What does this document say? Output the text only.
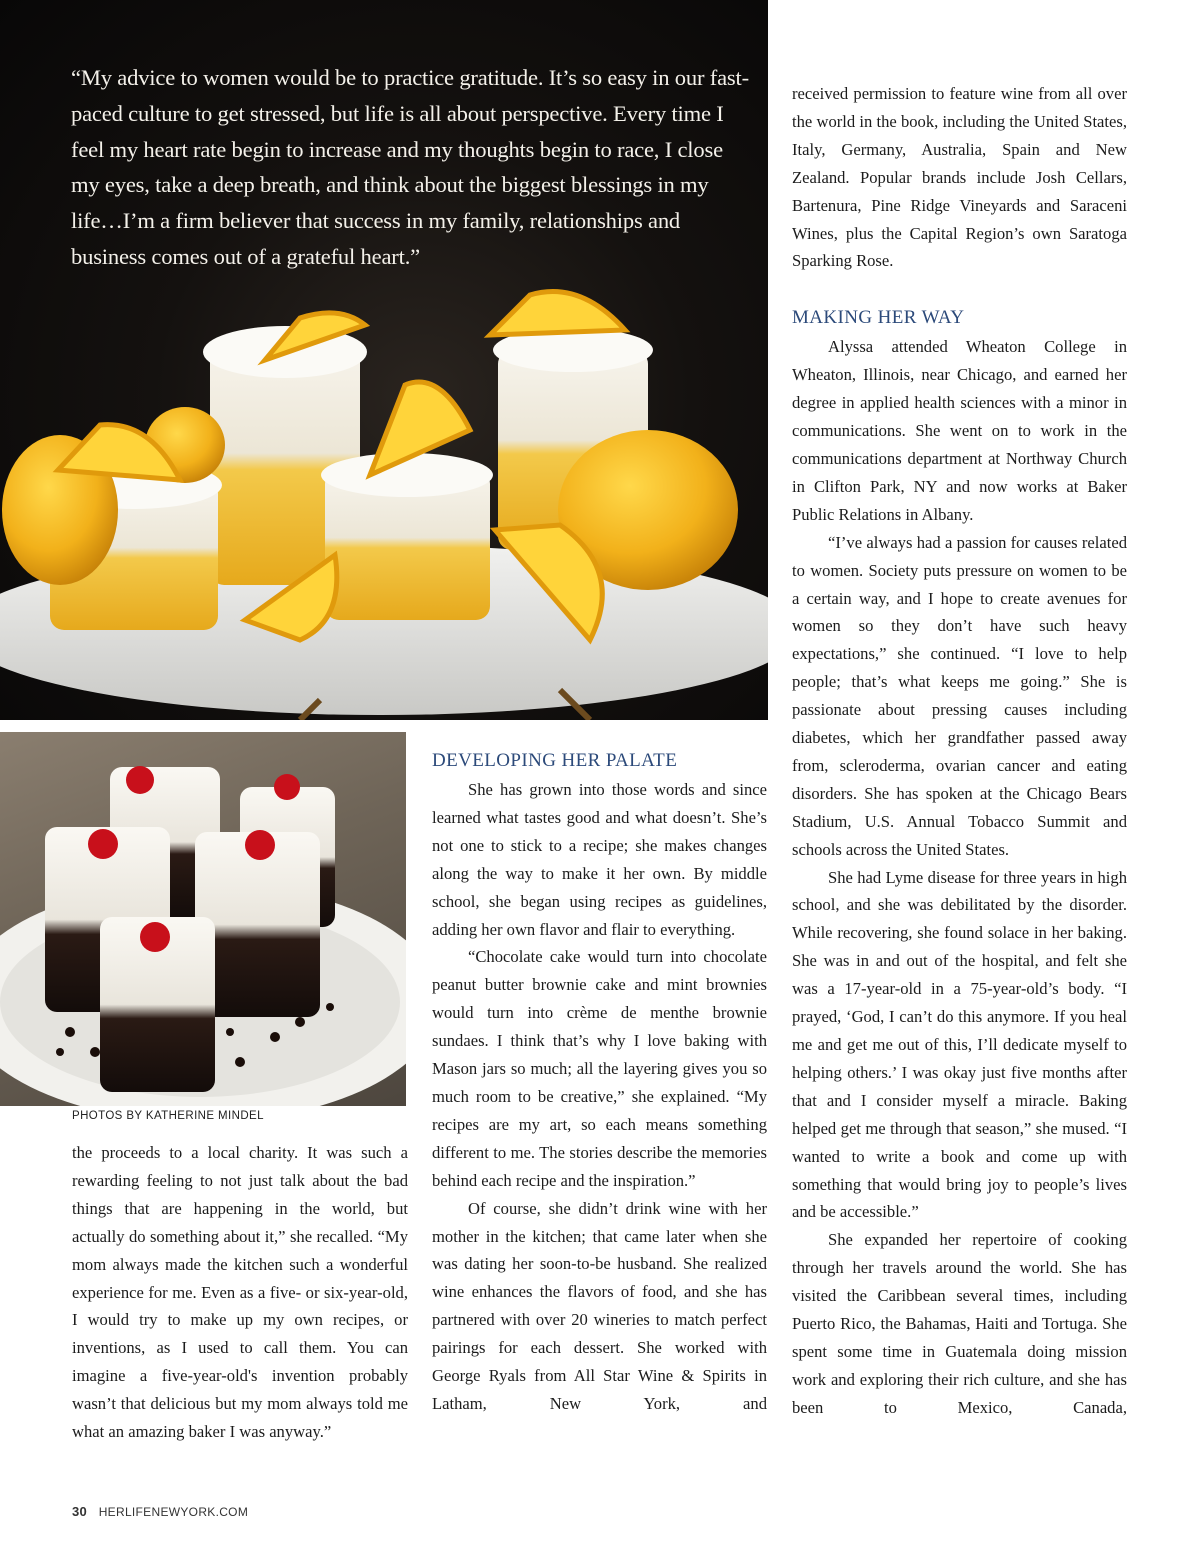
“My advice to women would be to practice gratitude. It’s so easy in our fast-paced culture to get stressed, but life is all about perspective. Every time I feel my heart rate begin to increase and my thoughts begin to race, I close my eyes, take a deep breath, and think about the biggest blessings in my life…I’m a firm believer that success in my family, relationships and business comes out of a grateful heart.”

PHOTOS BY KATHERINE MINDEL

the proceeds to a local charity. It was such a rewarding feeling to not just talk about the bad things that are happening in the world, but actually do something about it,” she recalled. “My mom always made the kitchen such a wonderful experience for me. Even as a five- or six-year-old, I would try to make up my own recipes, or inventions, as I used to call them. You can imagine a five-year-old's invention probably wasn’t that delicious but my mom always told me what an amazing baker I was anyway.”

DEVELOPING HER PALATE

She has grown into those words and since learned what tastes good and what doesn’t. She’s not one to stick to a recipe; she makes changes along the way to make it her own. By middle school, she began using recipes as guidelines, adding her own flavor and flair to everything.

“Chocolate cake would turn into chocolate peanut butter brownie cake and mint brownies would turn into crème de menthe brownie sundaes. I think that’s why I love baking with Mason jars so much; all the layering gives you so much room to be creative,” she explained. “My recipes are my art, so each means something different to me. The stories describe the memories behind each recipe and the inspiration.”

Of course, she didn’t drink wine with her mother in the kitchen; that came later when she was dating her soon-to-be husband. She realized wine enhances the flavors of food, and she has partnered with over 20 wineries to match perfect pairings for each dessert. She worked with George Ryals from All Star Wine & Spirits in Latham, New York, and

received permission to feature wine from all over the world in the book, including the United States, Italy, Germany, Australia, Spain and New Zealand. Popular brands include Josh Cellars, Bartenura, Pine Ridge Vineyards and Saraceni Wines, plus the Capital Region’s own Saratoga Sparking Rose.

MAKING HER WAY

Alyssa attended Wheaton College in Wheaton, Illinois, near Chicago, and earned her degree in applied health sciences with a minor in communications. She went on to work in the communications department at Northway Church in Clifton Park, NY and now works at Baker Public Relations in Albany.

“I’ve always had a passion for causes related to women. Society puts pressure on women to be a certain way, and I hope to create avenues for women so they don’t have such heavy expectations,” she continued. “I love to help people; that’s what keeps me going.” She is passionate about pressing causes including diabetes, which her grandfather passed away from, scleroderma, ovarian cancer and eating disorders. She has spoken at the Chicago Bears Stadium, U.S. Annual Tobacco Summit and schools across the United States.

She had Lyme disease for three years in high school, and she was debilitated by the disorder. While recovering, she found solace in her baking. She was in and out of the hospital, and felt she was a 17-year-old in a 75-year-old’s body. “I prayed, ‘God, I can’t do this anymore. If you heal me and get me out of this, I’ll dedicate myself to helping others.’ I was okay just five months after that and I consider myself a miracle. Baking helped get me through that season,” she mused. “I wanted to write a book and come up with something that would bring joy to people’s lives and be accessible.”

She expanded her repertoire of cooking through her travels around the world. She has visited the Caribbean several times, including Puerto Rico, the Bahamas, Haiti and Tortuga. She spent some time in Guatemala doing mission work and exploring their rich culture, and she has been to Mexico, Canada,

30 HERLIFENEWYORK.COM
